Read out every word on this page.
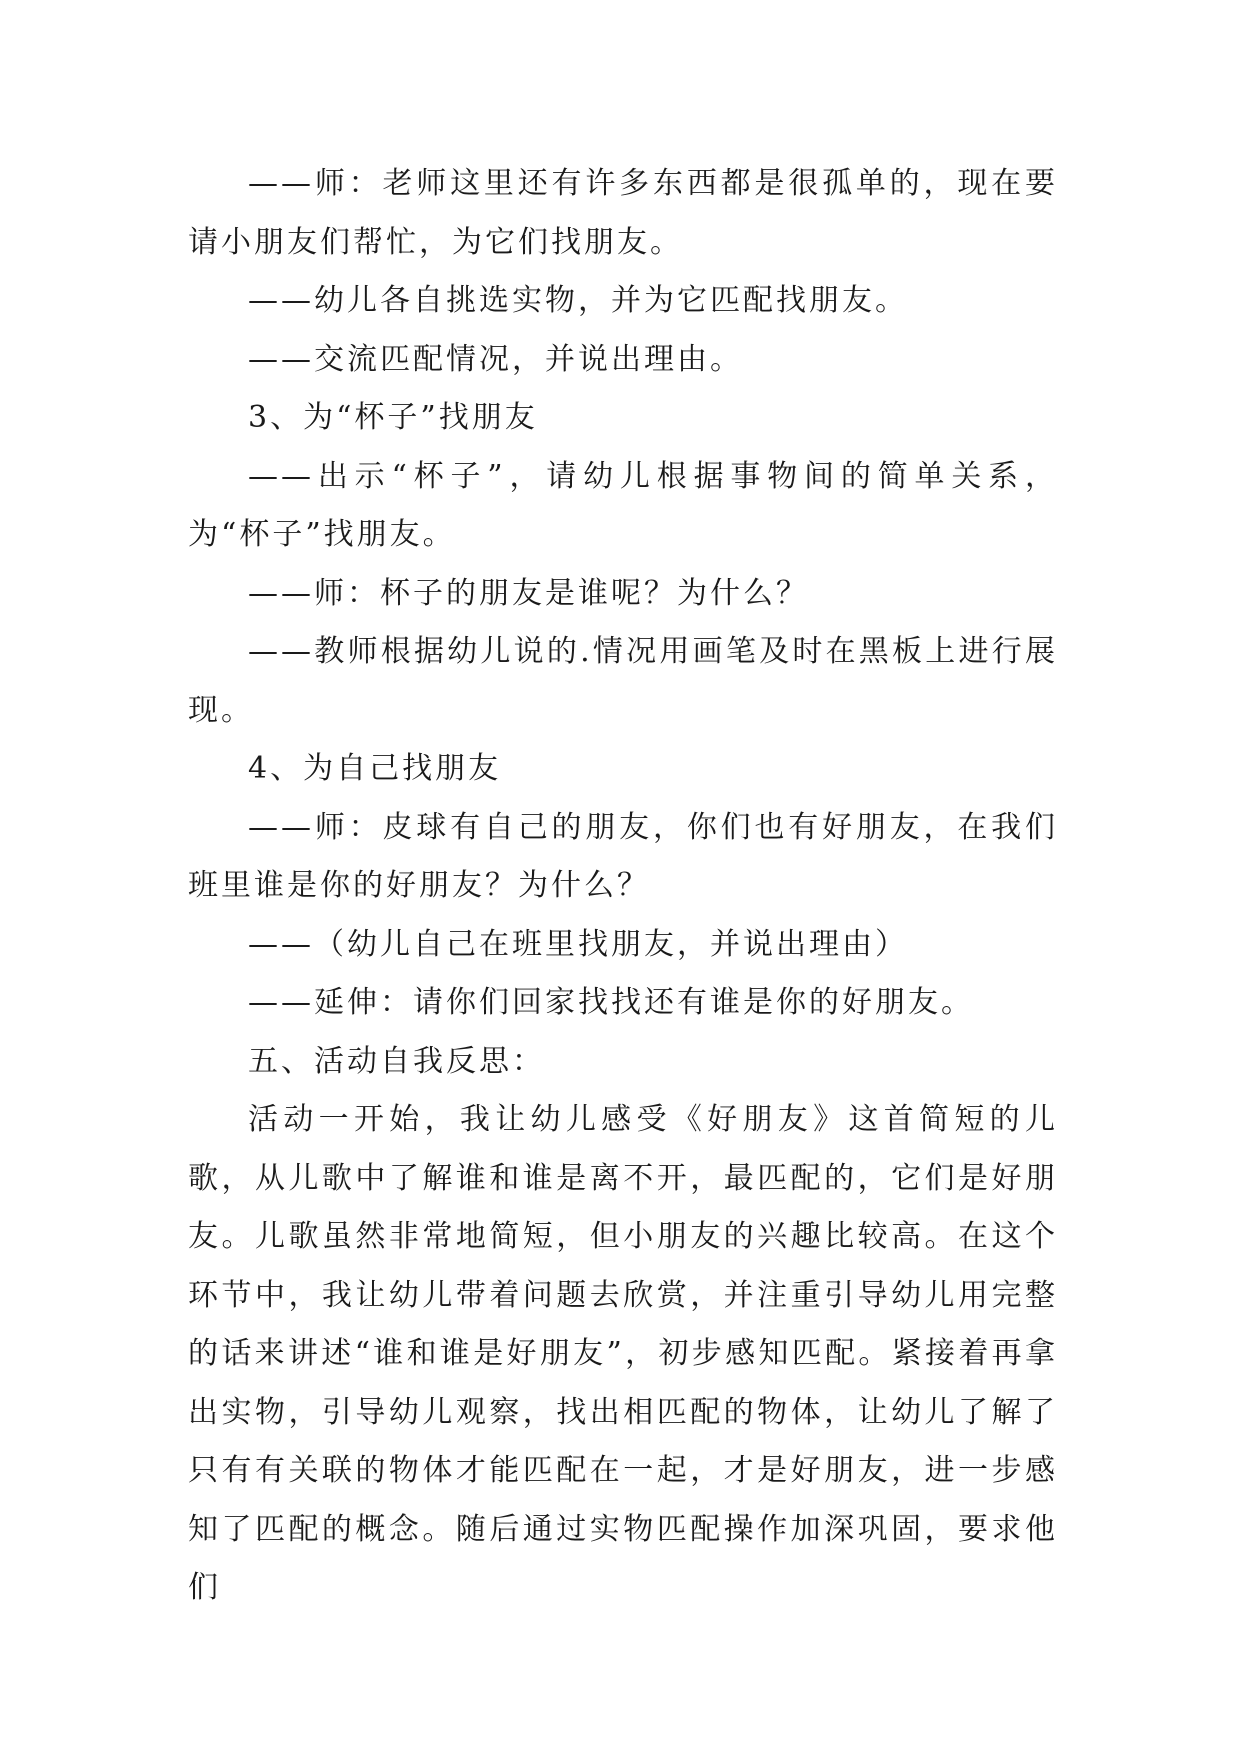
——师：老师这里还有许多东西都是很孤单的，现在要请小朋友们帮忙，为它们找朋友。

——幼儿各自挑选实物，并为它匹配找朋友。

——交流匹配情况，并说出理由。

3、为“杯子”找朋友

——出示“杯子”，请幼儿根据事物间的简单关系，为“杯子”找朋友。

——师：杯子的朋友是谁呢？为什么？

——教师根据幼儿说的.情况用画笔及时在黑板上进行展现。

4、为自己找朋友

——师：皮球有自己的朋友，你们也有好朋友，在我们班里谁是你的好朋友？为什么？

——（幼儿自己在班里找朋友，并说出理由）

——延伸：请你们回家找找还有谁是你的好朋友。

五、活动自我反思：

活动一开始，我让幼儿感受《好朋友》这首简短的儿歌，从儿歌中了解谁和谁是离不开，最匹配的，它们是好朋友。儿歌虽然非常地简短，但小朋友的兴趣比较高。在这个环节中，我让幼儿带着问题去欣赏，并注重引导幼儿用完整的话来讲述“谁和谁是好朋友”，初步感知匹配。紧接着再拿出实物，引导幼儿观察，找出相匹配的物体，让幼儿了解了只有有关联的物体才能匹配在一起，才是好朋友，进一步感知了匹配的概念。随后通过实物匹配操作加深巩固，要求他们
